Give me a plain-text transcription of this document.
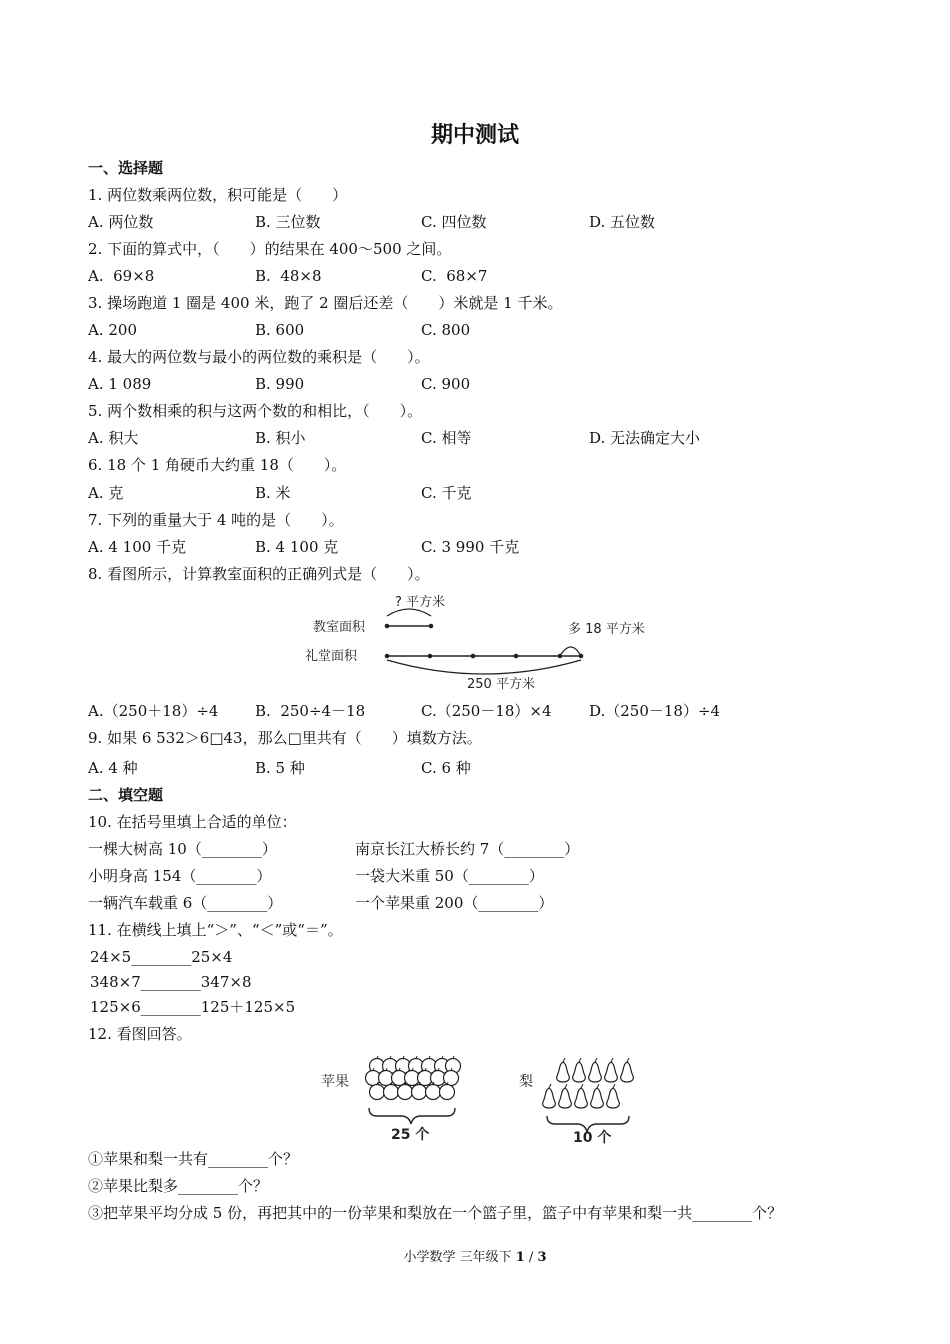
期中测试
一、选择题
1. 两位数乘两位数，积可能是（　　）
A. 两位数	B. 三位数	C. 四位数	D. 五位数
2. 下面的算式中，（　　）的结果在 400～500 之间。
A.  69×8	B.  48×8	C.  68×7
3. 操场跑道 1 圈是 400 米，跑了 2 圈后还差（　　）米就是 1 千米。
A. 200	B. 600	C. 800
4. 最大的两位数与最小的两位数的乘积是（　　）。
A. 1 089	B. 990	C. 900
5. 两个数相乘的积与这两个数的和相比，（　　）。
A. 积大	B. 积小	C. 相等	D. 无法确定大小
6. 18 个 1 角硬币大约重 18（　　）。
A. 克	B. 米	C. 千克
7. 下列的重量大于 4 吨的是（　　）。
A. 4 100 千克	B. 4 100 克	C. 3 990 千克
8. 看图所示，计算教室面积的正确列式是（　　）。
? 平方米
教室面积	多 18 平方米
礼堂面积
250 平方米
A.（250＋18）÷4 B.  250÷4－18	C.（250－18）×4 D.（250－18）÷4
9. 如果 6 532＞6□43，那么□里共有（　　）填数方法。
A. 4 种	B. 5 种	C. 6 种
二、填空题
10. 在括号里填上合适的单位：
一棵大树高 10（________）	南京长江大桥长约 7（________）
小明身高 154（________）	一袋大米重 50（________）
一辆汽车载重 6（________）	一个苹果重 200（________）
11. 在横线上填上“＞”、“＜”或“＝”。
24×5________25×4
348×7________347×8
125×6________125＋125×5
12. 看图回答。
苹果
25 个
梨
10 个
①苹果和梨一共有________个？
②苹果比梨多________个？
③把苹果平均分成 5 份，再把其中的一份苹果和梨放在一个篮子里，篮子中有苹果和梨一共________个？
小学数学 三年级下 1 / 3
